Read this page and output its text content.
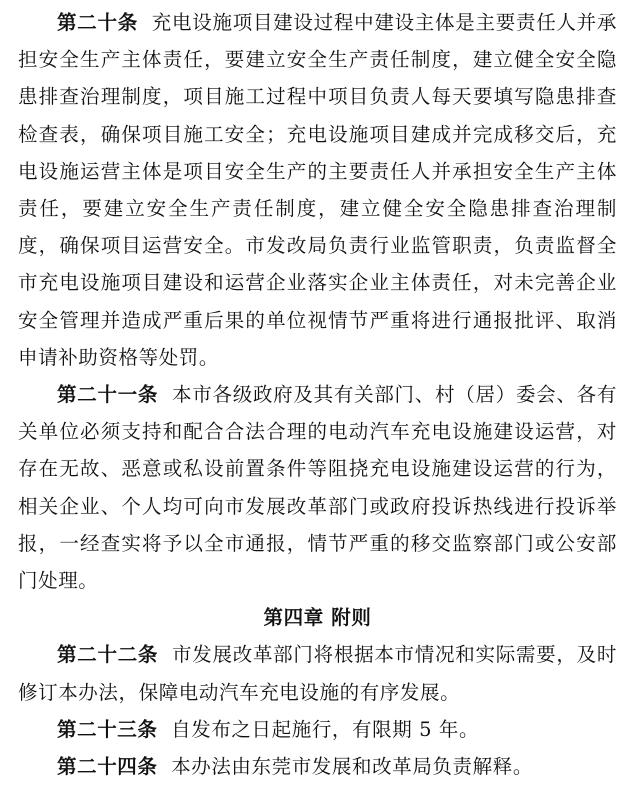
第二十条 充电设施项目建设过程中建设主体是主要责任人并承担安全生产主体责任，要建立安全生产责任制度，建立健全安全隐患排查治理制度，项目施工过程中项目负责人每天要填写隐患排查检查表，确保项目施工安全；充电设施项目建成并完成移交后，充电设施运营主体是项目安全生产的主要责任人并承担安全生产主体责任，要建立安全生产责任制度，建立健全安全隐患排查治理制度，确保项目运营安全。市发改局负责行业监管职责，负责监督全市充电设施项目建设和运营企业落实企业主体责任，对未完善企业安全管理并造成严重后果的单位视情节严重将进行通报批评、取消申请补助资格等处罚。

第二十一条 本市各级政府及其有关部门、村（居）委会、各有关单位必须支持和配合合法合理的电动汽车充电设施建设运营，对存在无故、恶意或私设前置条件等阻挠充电设施建设运营的行为，相关企业、个人均可向市发展改革部门或政府投诉热线进行投诉举报，一经查实将予以全市通报，情节严重的移交监察部门或公安部门处理。

第四章 附则

第二十二条 市发展改革部门将根据本市情况和实际需要，及时修订本办法，保障电动汽车充电设施的有序发展。

第二十三条 自发布之日起施行，有限期 5 年。

第二十四条 本办法由东莞市发展和改革局负责解释。
